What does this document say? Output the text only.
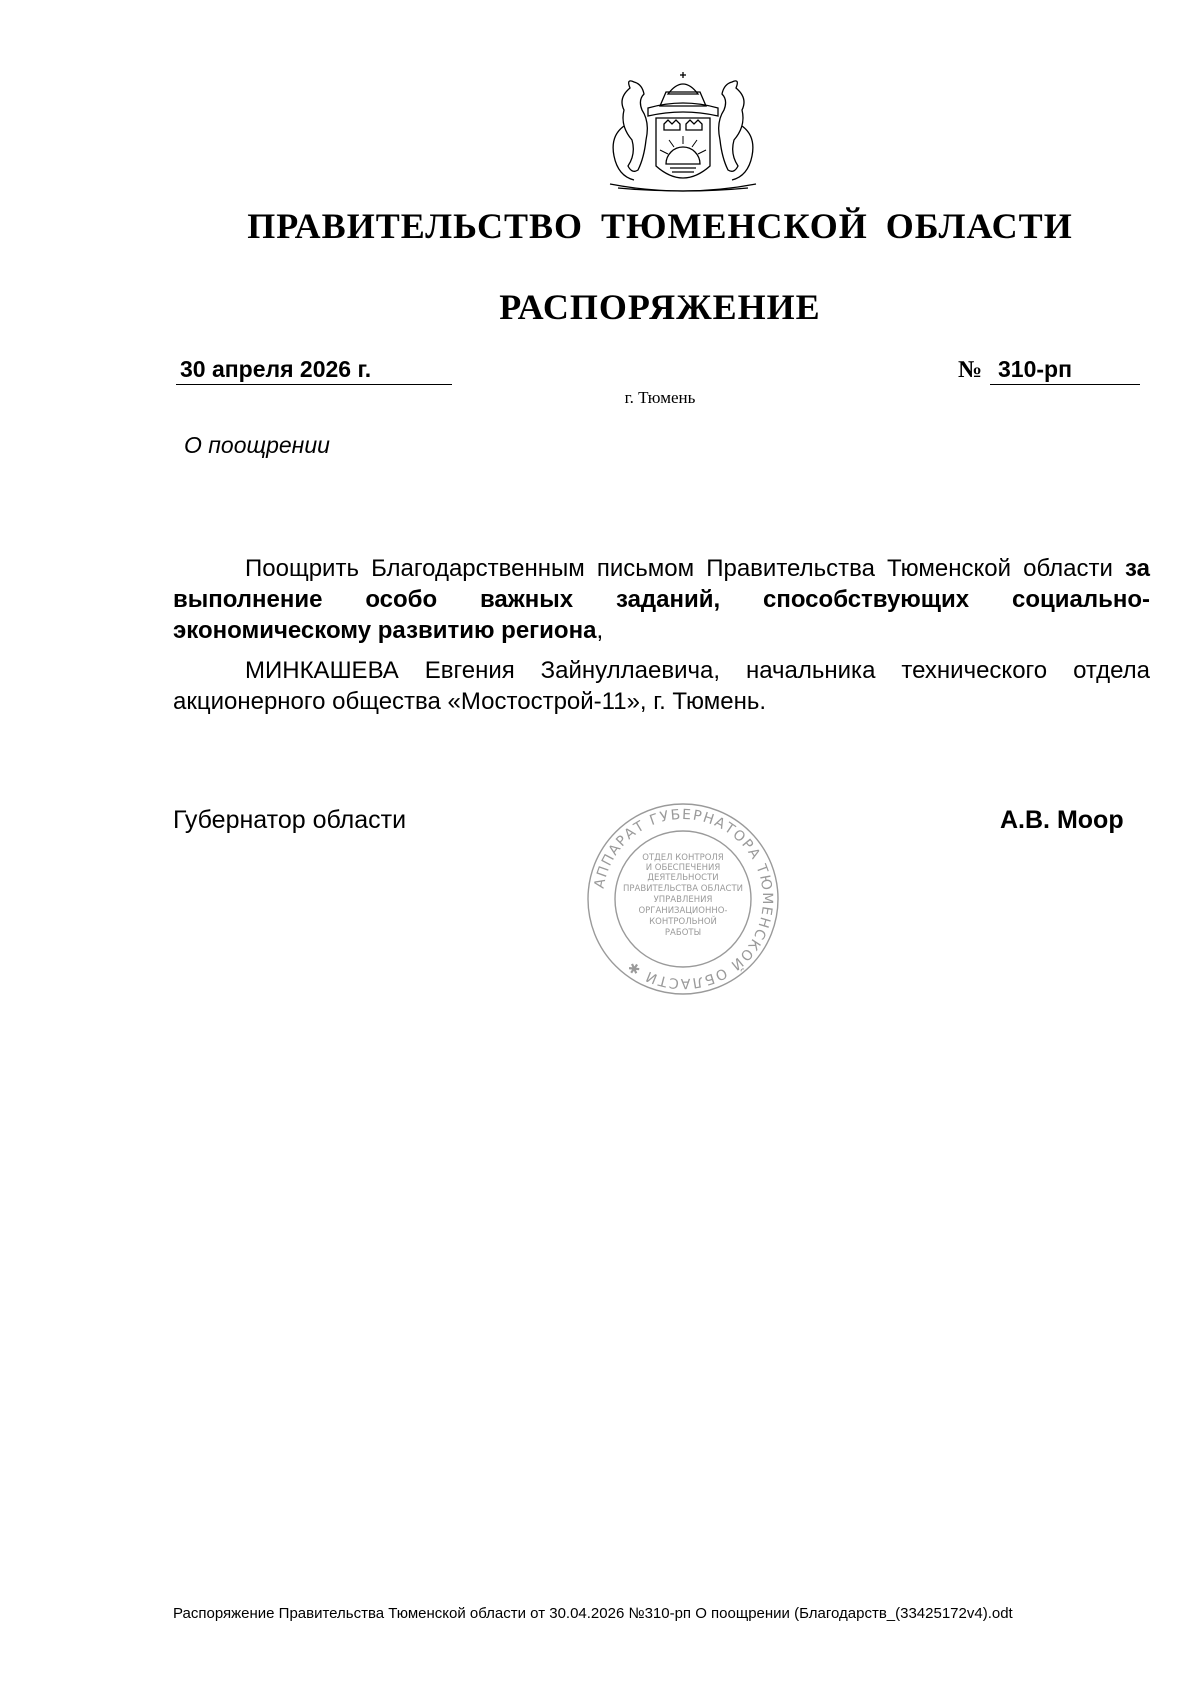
ПРАВИТЕЛЬСТВО ТЮМЕНСКОЙ ОБЛАСТИ
РАСПОРЯЖЕНИЕ
30 апреля 2026 г.	№ 310-рп
г. Тюмень
О поощрении
Поощрить Благодарственным письмом Правительства Тюменской области за выполнение особо важных заданий, способствующих социально-экономическому развитию региона,
МИНКАШЕВА Евгения Зайнуллаевича, начальника технического отдела акционерного общества «Мостострой-11», г. Тюмень.
Губернатор области	А.В. Моор
АППАРАТ ГУБЕРНАТОРА ТЮМЕНСКОЙ ОБЛАСТИ ✱
ОТДЕЛ КОНТРОЛЯ
И ОБЕСПЕЧЕНИЯ
ДЕЯТЕЛЬНОСТИ
ПРАВИТЕЛЬСТВА ОБЛАСТИ
УПРАВЛЕНИЯ
ОРГАНИЗАЦИОННО-
КОНТРОЛЬНОЙ
РАБОТЫ
Распоряжение Правительства Тюменской области от 30.04.2026 №310-рп О поощрении (Благодарств_(33425172v4).odt
